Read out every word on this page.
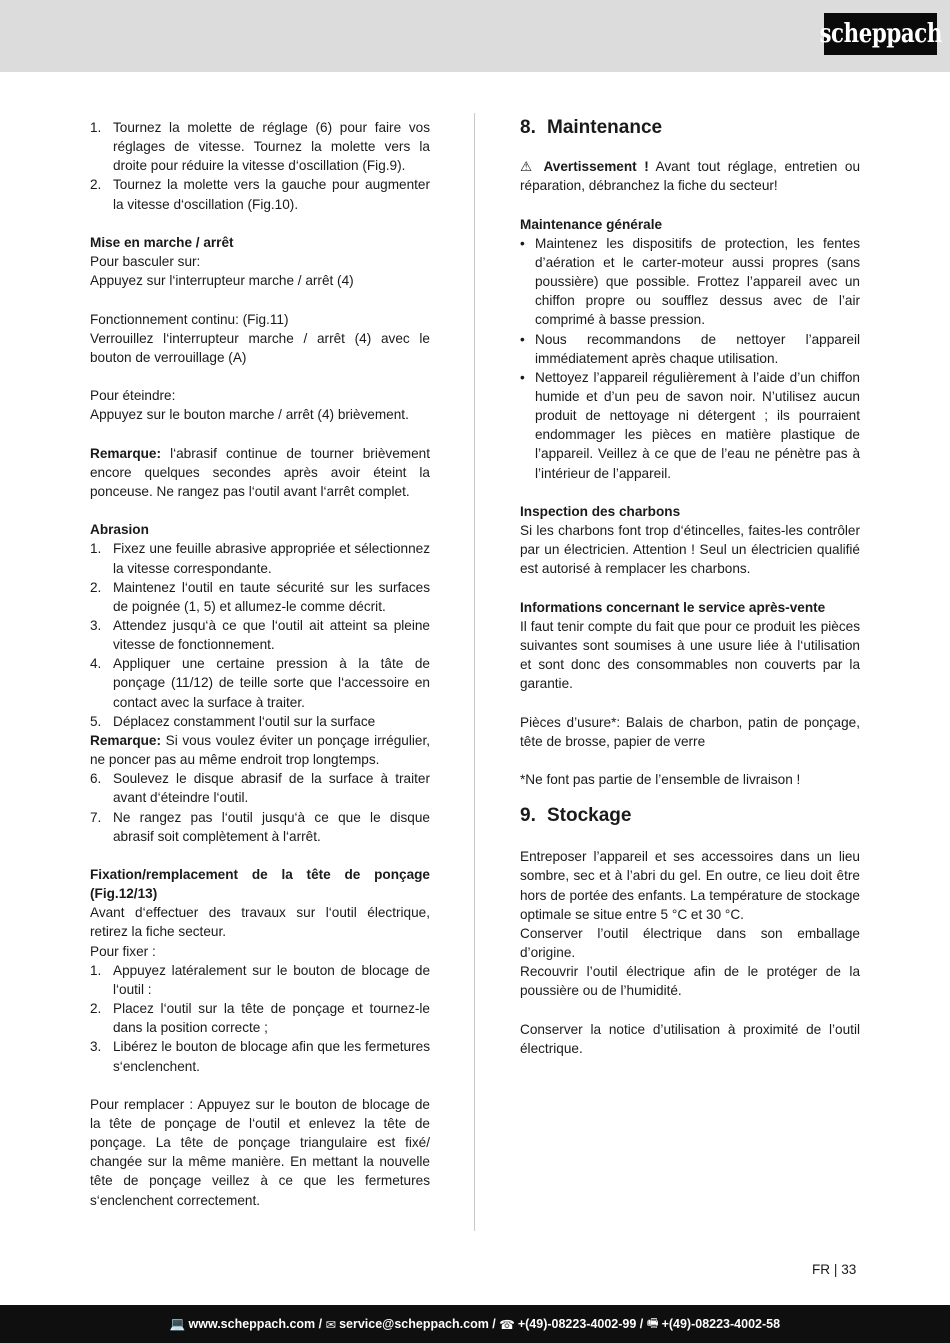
scheppach
1. Tournez la molette de réglage (6) pour faire vos réglages de vitesse. Tournez la molette vers la droite pour réduire la vitesse d‘oscillation (Fig.9).
2. Tournez la molette vers la gauche pour augmenter la vitesse d‘oscillation (Fig.10).

Mise en marche / arrêt

Pour basculer sur:

Appuyez sur l‘interrupteur marche / arrêt (4)

Fonctionnement continu: (Fig.11)

Verrouillez l‘interrupteur marche / arrêt (4) avec le bouton de verrouillage (A)

Pour éteindre:

Appuyez sur le bouton marche / arrêt (4) brièvement.

Remarque: l‘abrasif continue de tourner brièvement encore quelques secondes après avoir éteint la ponceuse. Ne rangez pas l‘outil avant l‘arrêt complet.

Abrasion

1. Fixez une feuille abrasive appropriée et sélectionnez la vitesse correspondante.
2. Maintenez l‘outil en taute sécurité sur les surfaces de poignée (1, 5) et allumez-le comme décrit.
3. Attendez jusqu‘à ce que l‘outil ait atteint sa pleine vitesse de fonctionnement.
4. Appliquer une certaine pression à la tâte de ponçage (11/12) de teille sorte que l‘accessoire en contact avec la surface à traiter.
5. Déplacez constamment l‘outil sur la surface

Remarque: Si vous voulez éviter un ponçage irrégulier, ne poncer pas au même endroit trop longtemps.

6. Soulevez le disque abrasif de la surface à traiter avant d‘éteindre l‘outil.
7. Ne rangez pas l‘outil jusqu‘à ce que le disque abrasif soit complètement à l‘arrêt.

Fixation/remplacement de la tête de ponçage (Fig.12/13)

Avant d‘effectuer des travaux sur l‘outil électrique, retirez la fiche secteur.

Pour fixer :

1. Appuyez latéralement sur le bouton de blocage de l‘outil :
2. Placez l‘outil sur la tête de ponçage et tournez-le dans la position correcte ;
3. Libérez le bouton de blocage afin que les fermetures s‘enclenchent.

Pour remplacer : Appuyez sur le bouton de blocage de la tête de ponçage de l‘outil et enlevez la tête de ponçage. La tête de ponçage triangulaire est fixé/ changée sur la même manière. En mettant la nouvelle tête de ponçage veillez à ce que les fermetures s‘enclenchent correctement.

8. Maintenance

⚠ Avertissement ! Avant tout réglage, entretien ou réparation, débranchez la fiche du secteur!

Maintenance générale

• Maintenez les dispositifs de protection, les fentes d’aération et le carter-moteur aussi propres (sans poussière) que possible. Frottez l’appareil avec un chiffon propre ou soufflez dessus avec de l’air comprimé à basse pression.
• Nous recommandons de nettoyer l’appareil immédiatement après chaque utilisation.
• Nettoyez l’appareil régulièrement à l’aide d’un chiffon humide et d’un peu de savon noir. N’utilisez aucun produit de nettoyage ni détergent ; ils pourraient endommager les pièces en matière plastique de l’appareil. Veillez à ce que de l’eau ne pénètre pas à l’intérieur de l’appareil.

Inspection des charbons

Si les charbons font trop d‘étincelles, faites-les contrôler par un électricien. Attention ! Seul un électricien qualifié est autorisé à remplacer les charbons.

Informations concernant le service après-vente

Il faut tenir compte du fait que pour ce produit les pièces suivantes sont soumises à une usure liée à l‘utilisation et sont donc des consommables non couverts par la garantie.

Pièces d’usure*: Balais de charbon, patin de ponçage, tête de brosse, papier de verre

*Ne font pas partie de l’ensemble de livraison !

9. Stockage

Entreposer l’appareil et ses accessoires dans un lieu sombre, sec et à l’abri du gel. En outre, ce lieu doit être hors de portée des enfants. La température de stockage optimale se situe entre 5 °C et 30 °C.

Conserver l’outil électrique dans son emballage d’origine.

Recouvrir l’outil électrique afin de le protéger de la poussière ou de l’humidité.

Conserver la notice d’utilisation à proximité de l’outil électrique.

FR | 33
💻 www.scheppach.com / ✉ service@scheppach.com / ☎ +(49)-08223-4002-99 / 🖷 +(49)-08223-4002-58
